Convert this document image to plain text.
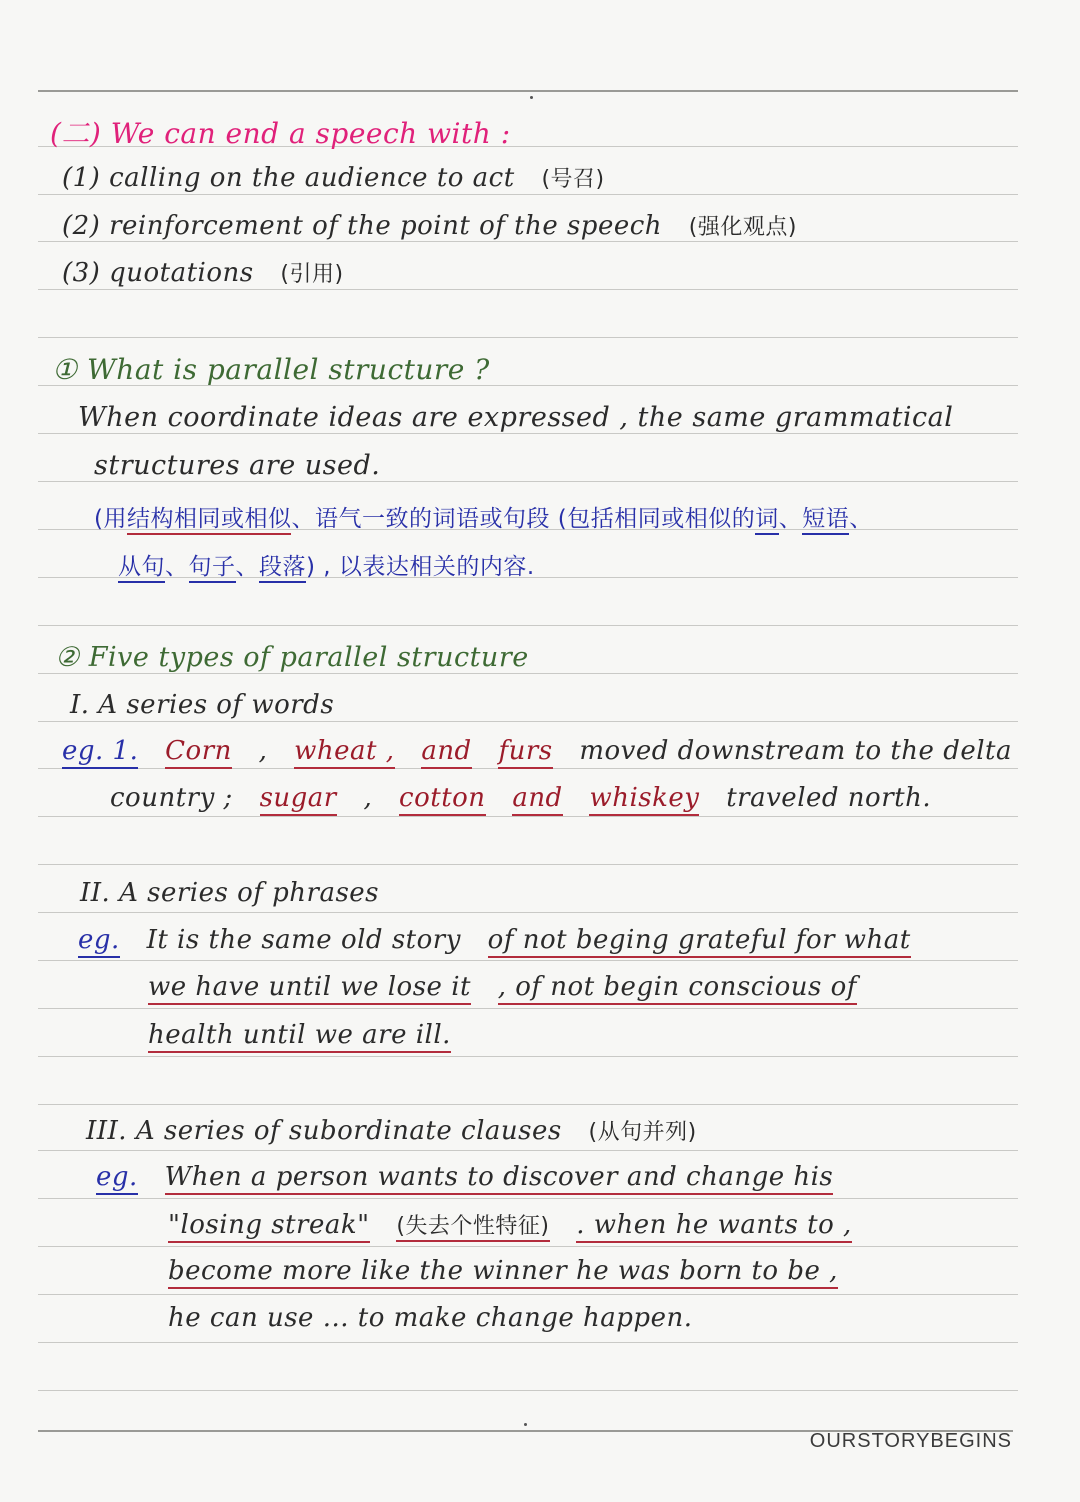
(二) We can end a speech with :
(1) calling on the audience to act (号召)
(2) reinforcement of the point of the speech (强化观点)
(3) quotations (引用)
① What is parallel structure ?
When coordinate ideas are expressed , the same grammatical
structures are used.
(用结构相同或相似、语气一致的词语或句段 (包括相同或相似的词、短语、
从句、句子、段落) , 以表达相关的内容.
② Five types of parallel structure
I. A series of words
eg. 1. Corn , wheat , and furs moved downstream to the delta
country ; sugar , cotton and whiskey traveled north.
II. A series of phrases
eg. It is the same old story of not beging grateful for what
we have until we lose it , of not begin conscious of
health until we are ill.
III. A series of subordinate clauses (从句并列)
eg. When a person wants to discover and change his
"losing streak" (失去个性特征) . when he wants to ,
become more like the winner he was born to be ,
he can use ... to make change happen.
OURSTORYBEGINS
